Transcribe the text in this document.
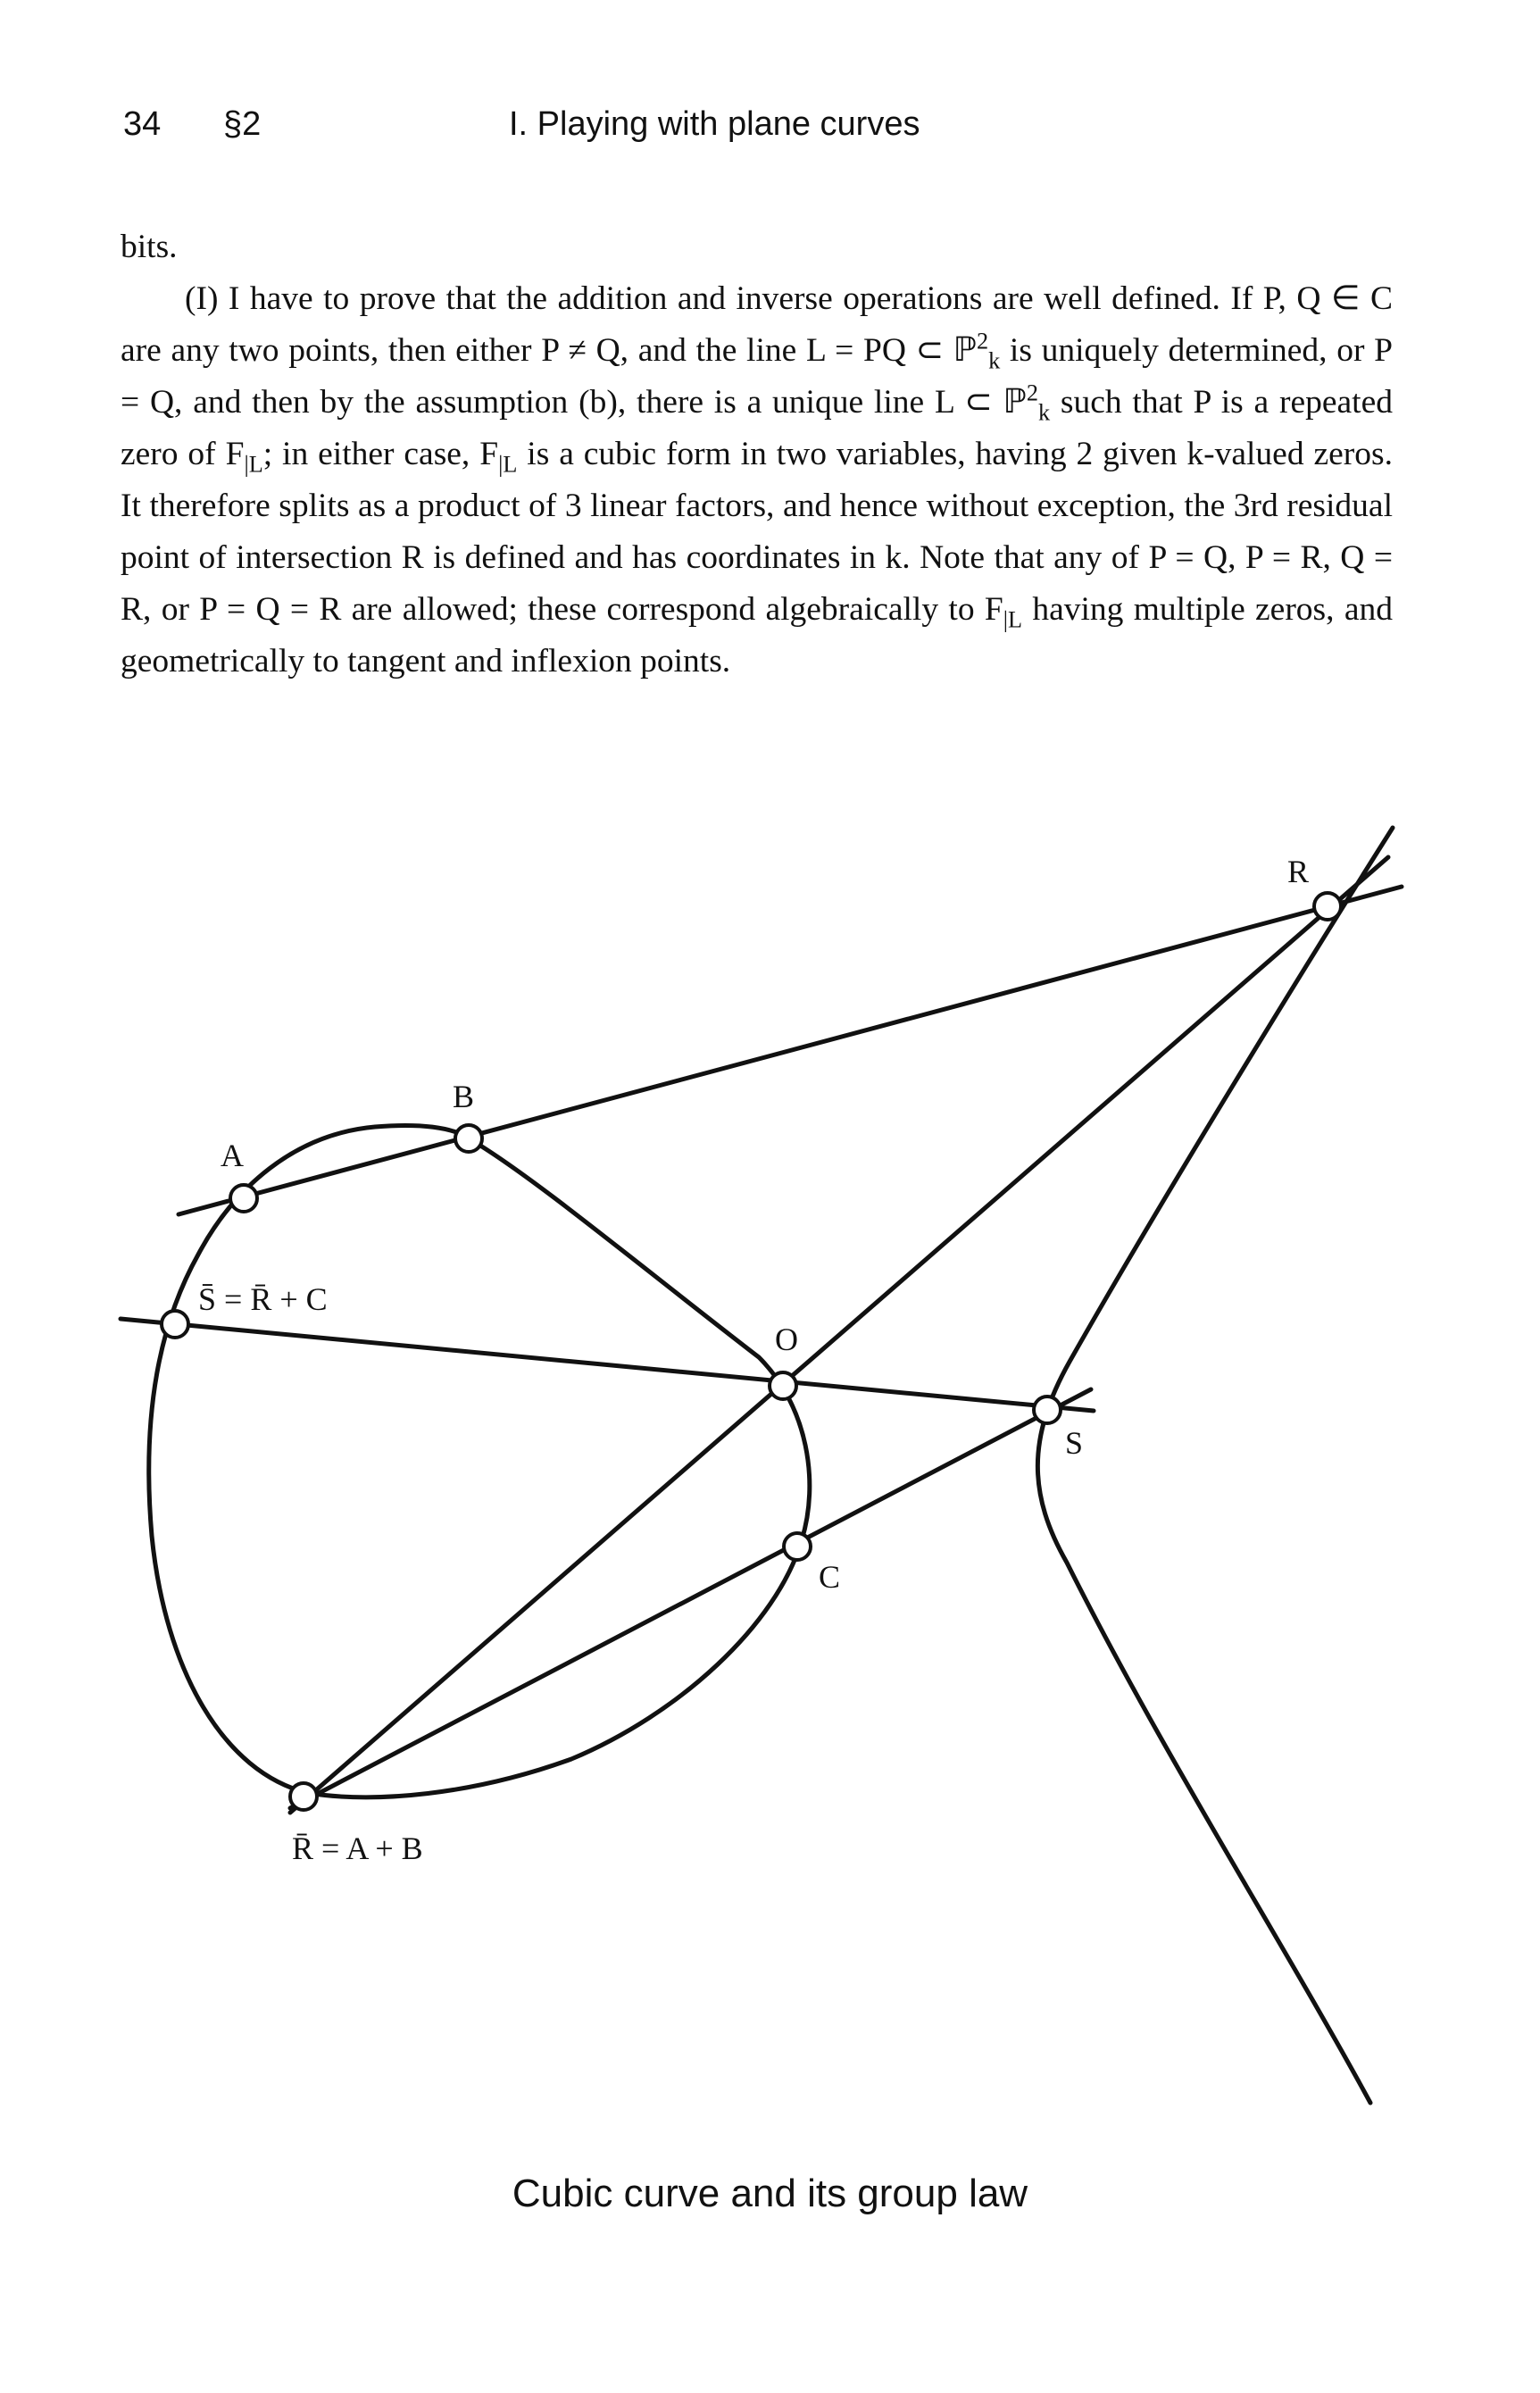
34 §2	I. Playing with plane curves

bits.

(I) I have to prove that the addition and inverse operations are well defined. If P, Q ∈ C are any two points, then either P ≠ Q, and the line L = PQ ⊂ ℙ$^2_k$ is uniquely determined, or P = Q, and then by the assumption (b), there is a unique line L ⊂ ℙ$^2_k$ such that P is a repeated zero of $F_{|L}$; in either case, $F_{|L}$ is a cubic form in two variables, having 2 given k-valued zeros. It therefore splits as a product of 3 linear factors, and hence without exception, the 3rd residual point of intersection R is defined and has coordinates in k. Note that any of P = Q, P = R, Q = R, or P = Q = R are allowed; these correspond algebraically to $F_{|L}$ having multiple zeros, and geometrically to tangent and inflexion points.

R
B
A
S̄ = R̄ + C
O
S
C
R̄ = A + B
Cubic curve and its group law
